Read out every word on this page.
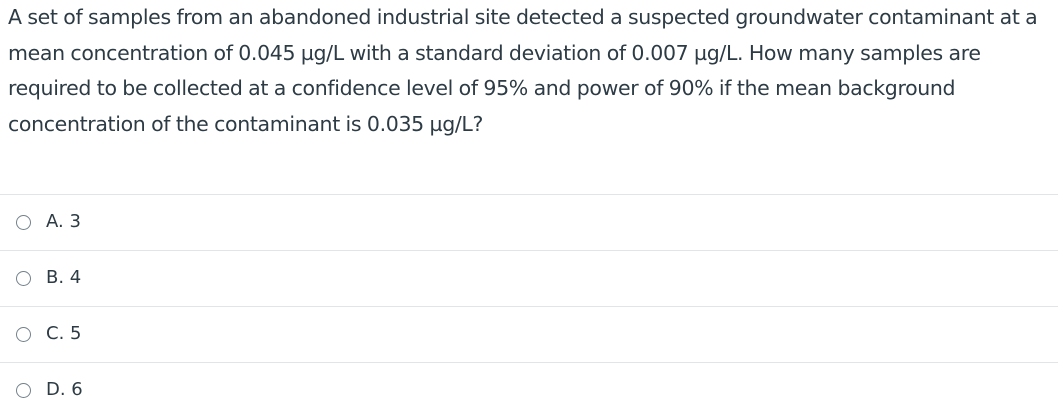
A set of samples from an abandoned industrial site detected a suspected groundwater contaminant at a mean concentration of 0.045 µg/L with a standard deviation of 0.007 µg/L. How many samples are required to be collected at a confidence level of 95% and power of 90% if the mean background concentration of the contaminant is 0.035 µg/L?

A. 3
B. 4
C. 5
D. 6
